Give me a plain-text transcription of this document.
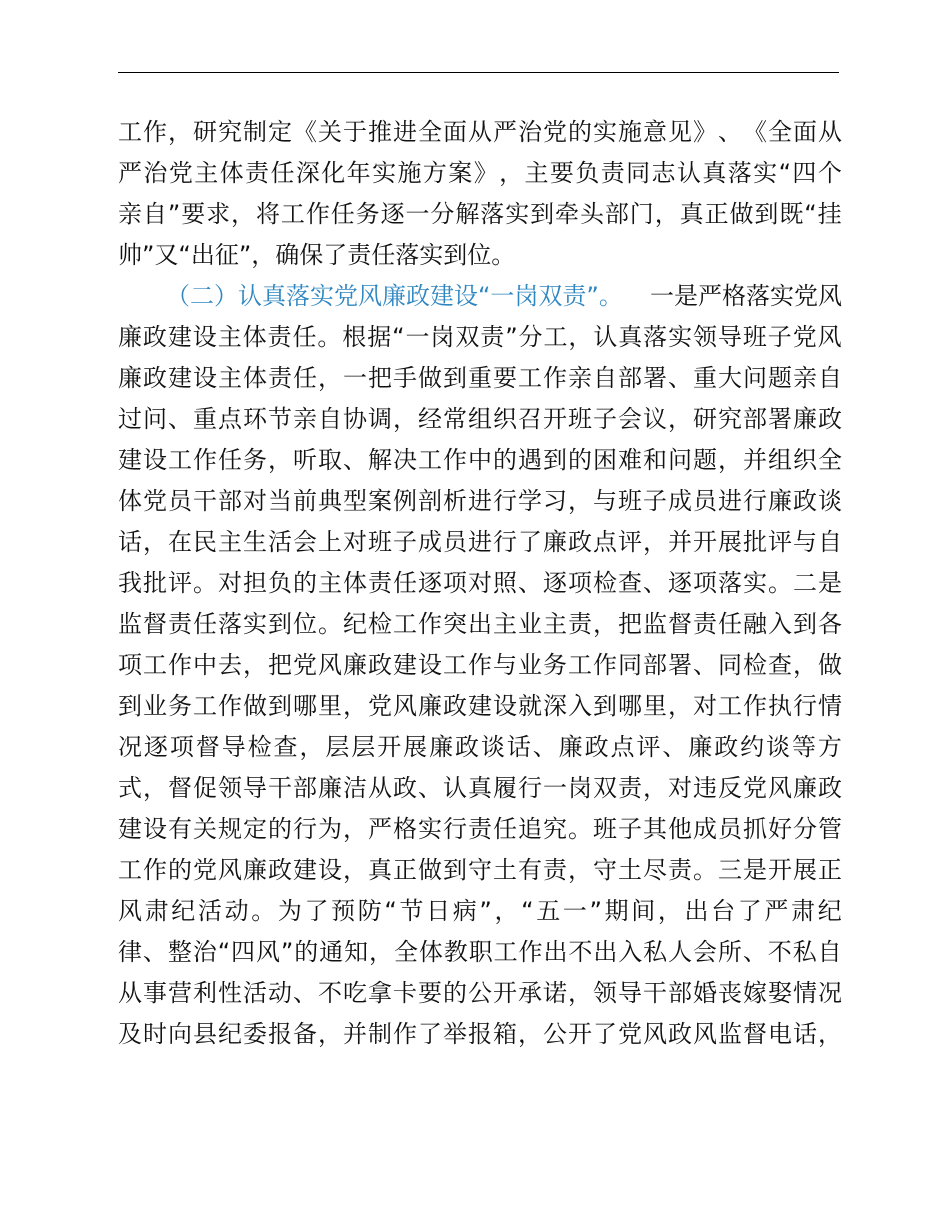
工 作 ， 研 究 制 定 《 关 于 推 进 全 面 从 严 治 党 的 实 施 意 见 》 、 《 全 面 从
严 治 党 主 体 责 任 深 化 年 实 施 方 案 》 ， 主 要 负 责 同 志 认 真 落 实 “ 四 个
亲 自 ” 要 求 ， 将 工 作 任 务 逐 一 分 解 落 实 到 牵 头 部 门 ， 真 正 做 到 既 “ 挂
帅”又“出征”，确保了责任落实到位。
（二）认真落实党风廉政建设“一岗双责”。 一是严格落实党风
廉 政 建 设 主 体 责 任 。 根 据 “ 一 岗 双 责 ” 分 工 ， 认 真 落 实 领 导 班 子 党 风
廉 政 建 设 主 体 责 任 ， 一 把 手 做 到 重 要 工 作 亲 自 部 署 、 重 大 问 题 亲 自
过 问 、 重 点 环 节 亲 自 协 调 ， 经 常 组 织 召 开 班 子 会 议 ， 研 究 部 署 廉 政
建 设 工 作 任 务 ， 听 取 、 解 决 工 作 中 的 遇 到 的 困 难 和 问 题 ， 并 组 织 全
体 党 员 干 部 对 当 前 典 型 案 例 剖 析 进 行 学 习 ， 与 班 子 成 员 进 行 廉 政 谈
话 ， 在 民 主 生 活 会 上 对 班 子 成 员 进 行 了 廉 政 点 评 ， 并 开 展 批 评 与 自
我 批 评 。 对 担 负 的 主 体 责 任 逐 项 对 照 、 逐 项 检 查 、 逐 项 落 实 。 二 是
监 督 责 任 落 实 到 位 。 纪 检 工 作 突 出 主 业 主 责 ， 把 监 督 责 任 融 入 到 各
项 工 作 中 去 ， 把 党 风 廉 政 建 设 工 作 与 业 务 工 作 同 部 署 、 同 检 查 ， 做
到 业 务 工 作 做 到 哪 里 ， 党 风 廉 政 建 设 就 深 入 到 哪 里 ， 对 工 作 执 行 情
况 逐 项 督 导 检 查 ， 层 层 开 展 廉 政 谈 话 、 廉 政 点 评 、 廉 政 约 谈 等 方
式 ， 督 促 领 导 干 部 廉 洁 从 政 、 认 真 履 行 一 岗 双 责 ， 对 违 反 党 风 廉 政
建 设 有 关 规 定 的 行 为 ， 严 格 实 行 责 任 追 究 。 班 子 其 他 成 员 抓 好 分 管
工 作 的 党 风 廉 政 建 设 ， 真 正 做 到 守 土 有 责 ， 守 土 尽 责 。 三 是 开 展 正
风 肃 纪 活 动 。 为 了 预 防 “ 节 日 病 ” ， “ 五 一 ” 期 间 ， 出 台 了 严 肃 纪
律 、 整 治 “ 四 风 ” 的 通 知 ， 全 体 教 职 工 作 出 不 出 入 私 人 会 所 、 不 私 自
从 事 营 利 性 活 动 、 不 吃 拿 卡 要 的 公 开 承 诺 ， 领 导 干 部 婚 丧 嫁 娶 情 况
及 时 向 县 纪 委 报 备 ， 并 制 作 了 举 报 箱 ， 公 开 了 党 风 政 风 监 督 电 话 ，
